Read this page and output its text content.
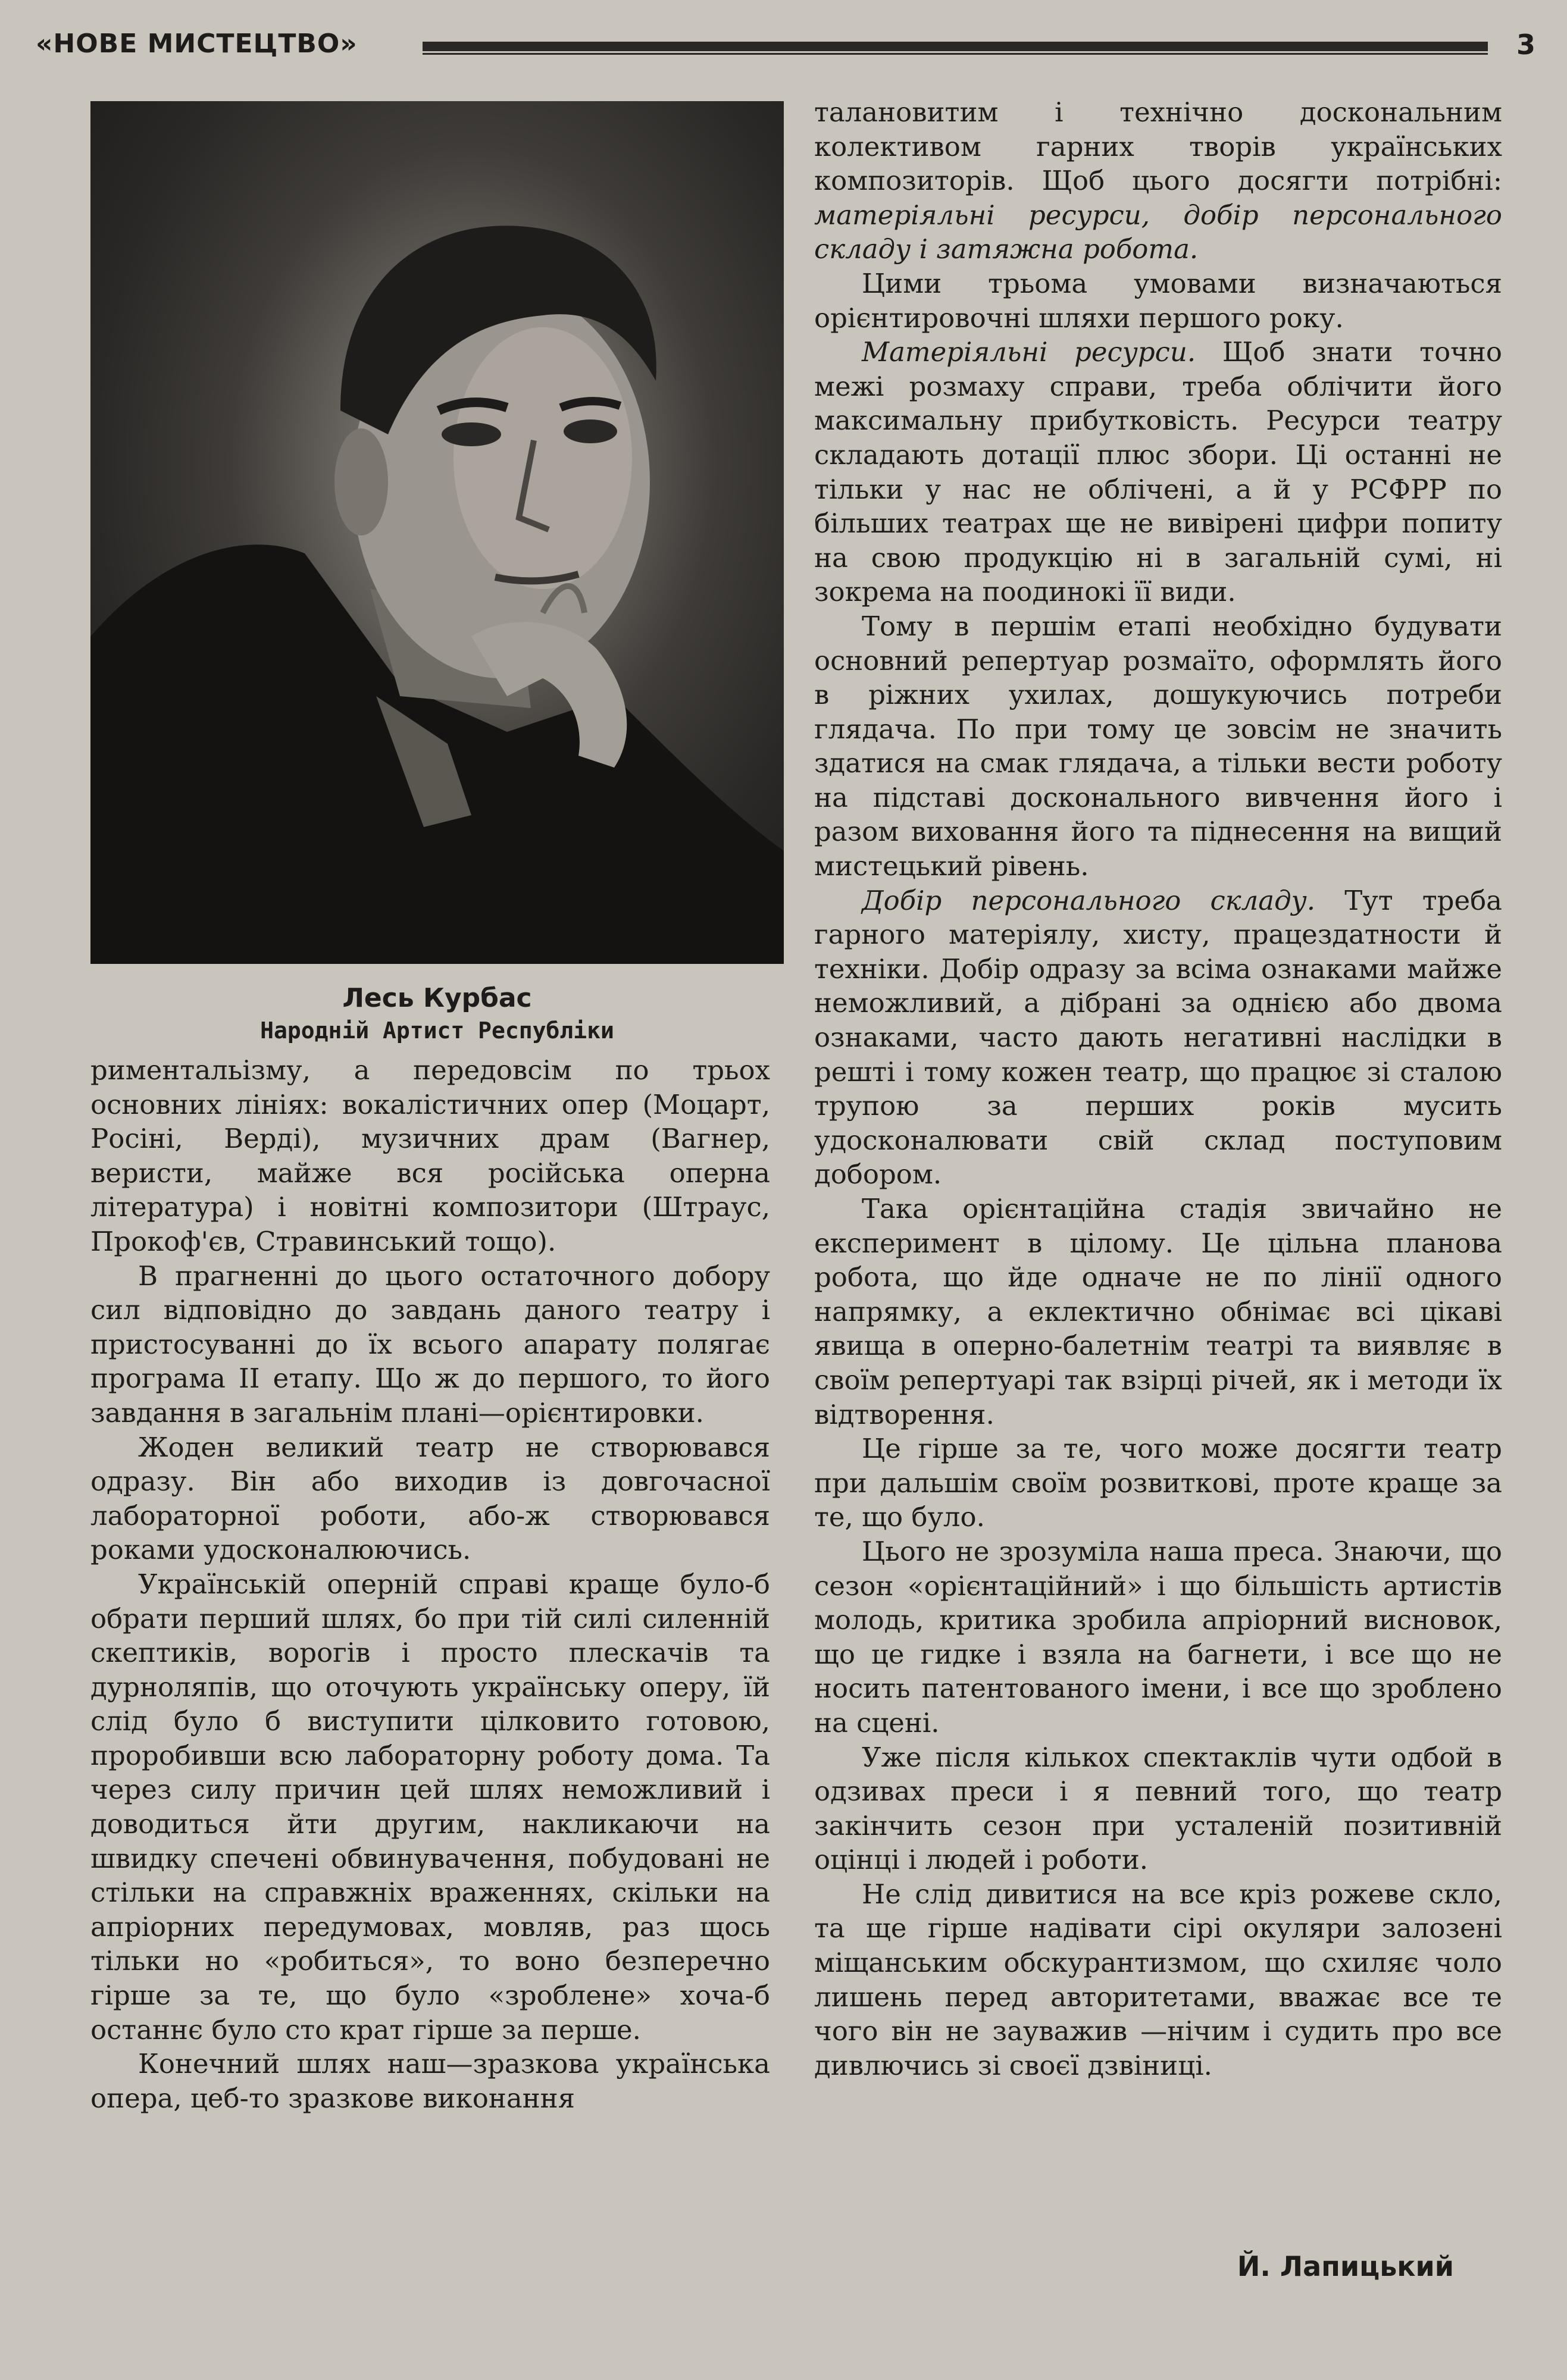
«НОВЕ МИСТЕЦТВО»	3
Лесь Курбас
Народній Артист Республіки

риментальізму, а передовсім по трьох основних лініях: вокалістичних опер (Моцарт, Росіні, Верді), музичних драм (Вагнер, веристи, майже вся російська оперна література) і новітні композитори (Штраус, Прокоф'єв, Стравинський тощо).

В прагненні до цього остаточного добору сил відповідно до завдань даного театру і пристосуванні до їх всього апарату полягає програма II етапу. Що ж до першого, то його завдання в загальнім плані—орієнтировки.

Жоден великий театр не створювався одразу. Він або виходив із довгочасної лабораторної роботи, або-ж створювався роками удосконалюючись.

Українській оперній справі краще було-б обрати перший шлях, бо при тій силі силенній скептиків, ворогів і просто плескачів та дурноляпів, що оточують українську оперу, їй слід було б виступити цілковито готовою, проробивши всю лабораторну роботу дома. Та через силу причин цей шлях неможливий і доводиться йти другим, накликаючи на швидку спечені обвинувачення, побудовані не стільки на справжніх враженнях, скільки на апріорних передумовах, мовляв, раз щось тільки но «робиться», то воно безперечно гірше за те, що було «зроблене» хоча-б останнє було сто крат гірше за перше.

Конечний шлях наш—зразкова українська опера, цеб-то зразкове виконання

талановитим і технічно доскональним колективом гарних творів українських композиторів. Щоб цього досягти потрібні: матеріяльні ресурси, добір персонального складу і затяжна робота.

Цими трьома умовами визначаються орієнтировочні шляхи першого року.

Матеріяльні ресурси. Щоб знати точно межі розмаху справи, треба облічити його максимальну прибутковість. Ресурси театру складають дотації плюс збори. Ці останні не тільки у нас не облічені, а й у РСФРР по більших театрах ще не вивірені цифри попиту на свою продукцію ні в загальній сумі, ні зокрема на поодинокі її види.

Тому в першім етапі необхідно будувати основний репертуар розмаїто, оформлять його в ріжних ухилах, дошукуючись потреби глядача. По при тому це зовсім не значить здатися на смак глядача, а тільки вести роботу на підставі досконального вивчення його і разом виховання його та піднесення на вищий мистецький рівень.

Добір персонального складу. Тут треба гарного матеріялу, хисту, працездатности й техніки. Добір одразу за всіма ознаками майже неможливий, а дібрані за однією або двома ознаками, часто дають негативні наслідки в решті і тому кожен театр, що працює зі сталою трупою за перших років мусить удосконалювати свій склад поступовим добором.

Така орієнтаційна стадія звичайно не експеримент в цілому. Це цільна планова робота, що йде одначе не по лінії одного напрямку, а еклектично обнімає всі цікаві явища в оперно-балетнім театрі та виявляє в своїм репертуарі так взірці річей, як і методи їх відтворення.

Це гірше за те, чого може досягти театр при дальшім своїм розвиткові, проте краще за те, що було.

Цього не зрозуміла наша преса. Знаючи, що сезон «орієнтаційний» і що більшість артистів молодь, критика зробила апріорний висновок, що це гидке і взяла на багнети, і все що не носить патентованого імени, і все що зроблено на сцені.

Уже після кількох спектаклів чути одбой в одзивах преси і я певний того, що театр закінчить сезон при усталеній позитивній оцінці і людей і роботи.

Не слід дивитися на все кріз рожеве скло, та ще гірше надівати сірі окуляри залозені міщанським обскурантизмом, що схиляє чоло лишень перед авторитетами, вважає все те чого він не зауважив —нічим і судить про все дивлючись зі своєї дзвіниці.

Й. Лапицький
